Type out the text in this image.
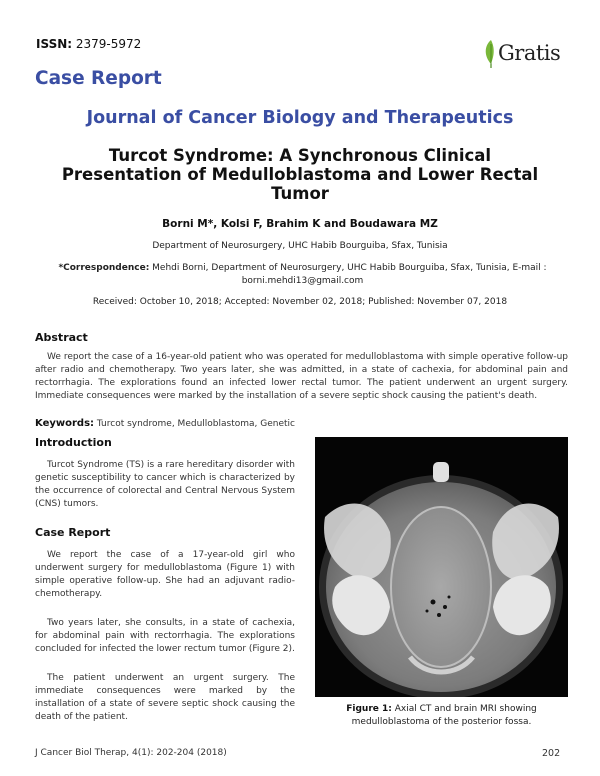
ISSN: 2379-5972	Gratis
Case Report
Journal of Cancer Biology and Therapeutics
Turcot Syndrome: A Synchronous Clinical
Presentation of Medulloblastoma and Lower Rectal
Tumor
Borni M*, Kolsi F, Brahim K and Boudawara MZ
Department of Neurosurgery, UHC Habib Bourguiba, Sfax, Tunisia
*Correspondence: Mehdi Borni, Department of Neurosurgery, UHC Habib Bourguiba, Sfax, Tunisia, E-mail : borni.mehdi13@gmail.com
Received: October 10, 2018; Accepted: November 02, 2018; Published: November 07, 2018
Abstract
We report the case of a 16-year-old patient who was operated for medulloblastoma with simple operative follow-up after radio and chemotherapy. Two years later, she was admitted, in a state of cachexia, for abdominal pain and rectorrhagia. The explorations found an infected lower rectal tumor. The patient underwent an urgent surgery. Immediate consequences were marked by the installation of a severe septic shock causing the patient's death.
Keywords: Turcot syndrome, Medulloblastoma, Genetic
Introduction
Turcot Syndrome (TS) is a rare hereditary disorder with genetic susceptibility to cancer which is characterized by the occurrence of colorectal and Central Nervous System (CNS) tumors.
Case Report
We report the case of a 17-year-old girl who underwent surgery for medulloblastoma (Figure 1) with simple operative follow-up. She had an adjuvant radio-chemotherapy.
Two years later, she consults, in a state of cachexia, for abdominal pain with rectorrhagia. The explorations concluded for infected the lower rectum tumor (Figure 2).
The patient underwent an urgent surgery. The immediate consequences were marked by the installation of a state of severe septic shock causing the death of the patient.
Figure 1: Axial CT and brain MRI showing medulloblastoma of the posterior fossa.
J Cancer Biol Therap, 4(1): 202-204 (2018)	202
